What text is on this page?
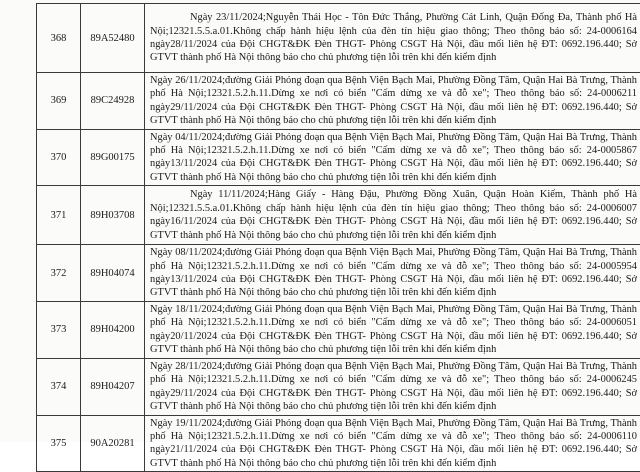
368	89A52480	Ngày 23/11/2024;Nguyễn Thái Học - Tôn Đức Thắng, Phường Cát Linh, Quận Đống Đa, Thành phố Hà Nội;12321.5.5.a.01.Không chấp hành hiệu lệnh của đèn tín hiệu giao thông; Theo thông báo số: 24-0006164 ngày28/11/2024 của Đội CHGT&ĐK Đèn THGT- Phòng CSGT Hà Nội, đầu mối liên hệ ĐT: 0692.196.440; Sở GTVT thành phố Hà Nội thông báo cho chủ phương tiện lỗi trên khi đến kiểm định

369	89C24928	Ngày 26/11/2024;đường Giải Phóng đoạn qua Bệnh Viện Bạch Mai, Phường Đồng Tâm, Quận Hai Bà Trưng, Thành phố Hà Nội;12321.5.2.h.11.Dừng xe nơi có biển "Cấm dừng xe và đỗ xe"; Theo thông báo số: 24-0006211 ngày29/11/2024 của Đội CHGT&ĐK Đèn THGT- Phòng CSGT Hà Nội, đầu mối liên hệ ĐT: 0692.196.440; Sở GTVT thành phố Hà Nội thông báo cho chủ phương tiện lỗi trên khi đến kiểm định

370	89G00175	Ngày 04/11/2024;đường Giải Phóng đoạn qua Bệnh Viện Bạch Mai, Phường Đồng Tâm, Quận Hai Bà Trưng, Thành phố Hà Nội;12321.5.2.h.11.Dừng xe nơi có biển "Cấm dừng xe và đỗ xe"; Theo thông báo số: 24-0005867 ngày13/11/2024 của Đội CHGT&ĐK Đèn THGT- Phòng CSGT Hà Nội, đầu mối liên hệ ĐT: 0692.196.440; Sở GTVT thành phố Hà Nội thông báo cho chủ phương tiện lỗi trên khi đến kiểm định

371	89H03708	Ngày 11/11/2024;Hàng Giấy - Hàng Đậu, Phường Đồng Xuân, Quận Hoàn Kiếm, Thành phố Hà Nội;12321.5.5.a.01.Không chấp hành hiệu lệnh của đèn tín hiệu giao thông; Theo thông báo số: 24-0006007 ngày16/11/2024 của Đội CHGT&ĐK Đèn THGT- Phòng CSGT Hà Nội, đầu mối liên hệ ĐT: 0692.196.440; Sở GTVT thành phố Hà Nội thông báo cho chủ phương tiện lỗi trên khi đến kiểm định

372	89H04074	Ngày 08/11/2024;đường Giải Phóng đoạn qua Bệnh Viện Bạch Mai, Phường Đồng Tâm, Quận Hai Bà Trưng, Thành phố Hà Nội;12321.5.2.h.11.Dừng xe nơi có biển "Cấm dừng xe và đỗ xe"; Theo thông báo số: 24-0005954 ngày13/11/2024 của Đội CHGT&ĐK Đèn THGT- Phòng CSGT Hà Nội, đầu mối liên hệ ĐT: 0692.196.440; Sở GTVT thành phố Hà Nội thông báo cho chủ phương tiện lỗi trên khi đến kiểm định

373	89H04200	Ngày 18/11/2024;đường Giải Phóng đoạn qua Bệnh Viện Bạch Mai, Phường Đồng Tâm, Quận Hai Bà Trưng, Thành phố Hà Nội;12321.5.2.h.11.Dừng xe nơi có biển "Cấm dừng xe và đỗ xe"; Theo thông báo số: 24-0006051 ngày20/11/2024 của Đội CHGT&ĐK Đèn THGT- Phòng CSGT Hà Nội, đầu mối liên hệ ĐT: 0692.196.440; Sở GTVT thành phố Hà Nội thông báo cho chủ phương tiện lỗi trên khi đến kiểm định

374	89H04207	Ngày 28/11/2024;đường Giải Phóng đoạn qua Bệnh Viện Bạch Mai, Phường Đồng Tâm, Quận Hai Bà Trưng, Thành phố Hà Nội;12321.5.2.h.11.Dừng xe nơi có biển "Cấm dừng xe và đỗ xe"; Theo thông báo số: 24-0006245 ngày29/11/2024 của Đội CHGT&ĐK Đèn THGT- Phòng CSGT Hà Nội, đầu mối liên hệ ĐT: 0692.196.440; Sở GTVT thành phố Hà Nội thông báo cho chủ phương tiện lỗi trên khi đến kiểm định

375	90A20281	Ngày 19/11/2024;đường Giải Phóng đoạn qua Bệnh Viện Bạch Mai, Phường Đồng Tâm, Quận Hai Bà Trưng, Thành phố Hà Nội;12321.5.2.h.11.Dừng xe nơi có biển "Cấm dừng xe và đỗ xe"; Theo thông báo số: 24-0006110 ngày21/11/2024 của Đội CHGT&ĐK Đèn THGT- Phòng CSGT Hà Nội, đầu mối liên hệ ĐT: 0692.196.440; Sở GTVT thành phố Hà Nội thông báo cho chủ phương tiện lỗi trên khi đến kiểm định
